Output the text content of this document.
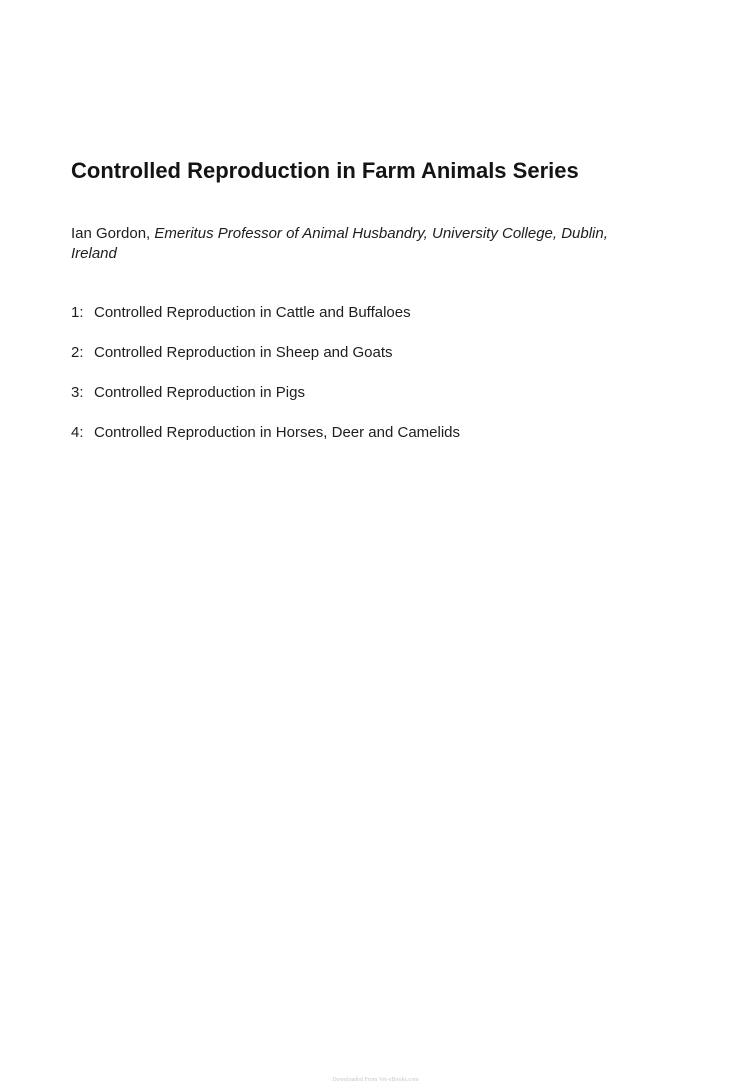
Controlled Reproduction in Farm Animals Series
Ian Gordon, Emeritus Professor of Animal Husbandry, University College, Dublin, Ireland
1: Controlled Reproduction in Cattle and Buffaloes
2: Controlled Reproduction in Sheep and Goats
3: Controlled Reproduction in Pigs
4: Controlled Reproduction in Horses, Deer and Camelids
Downloaded From Vet-eBooks.com
